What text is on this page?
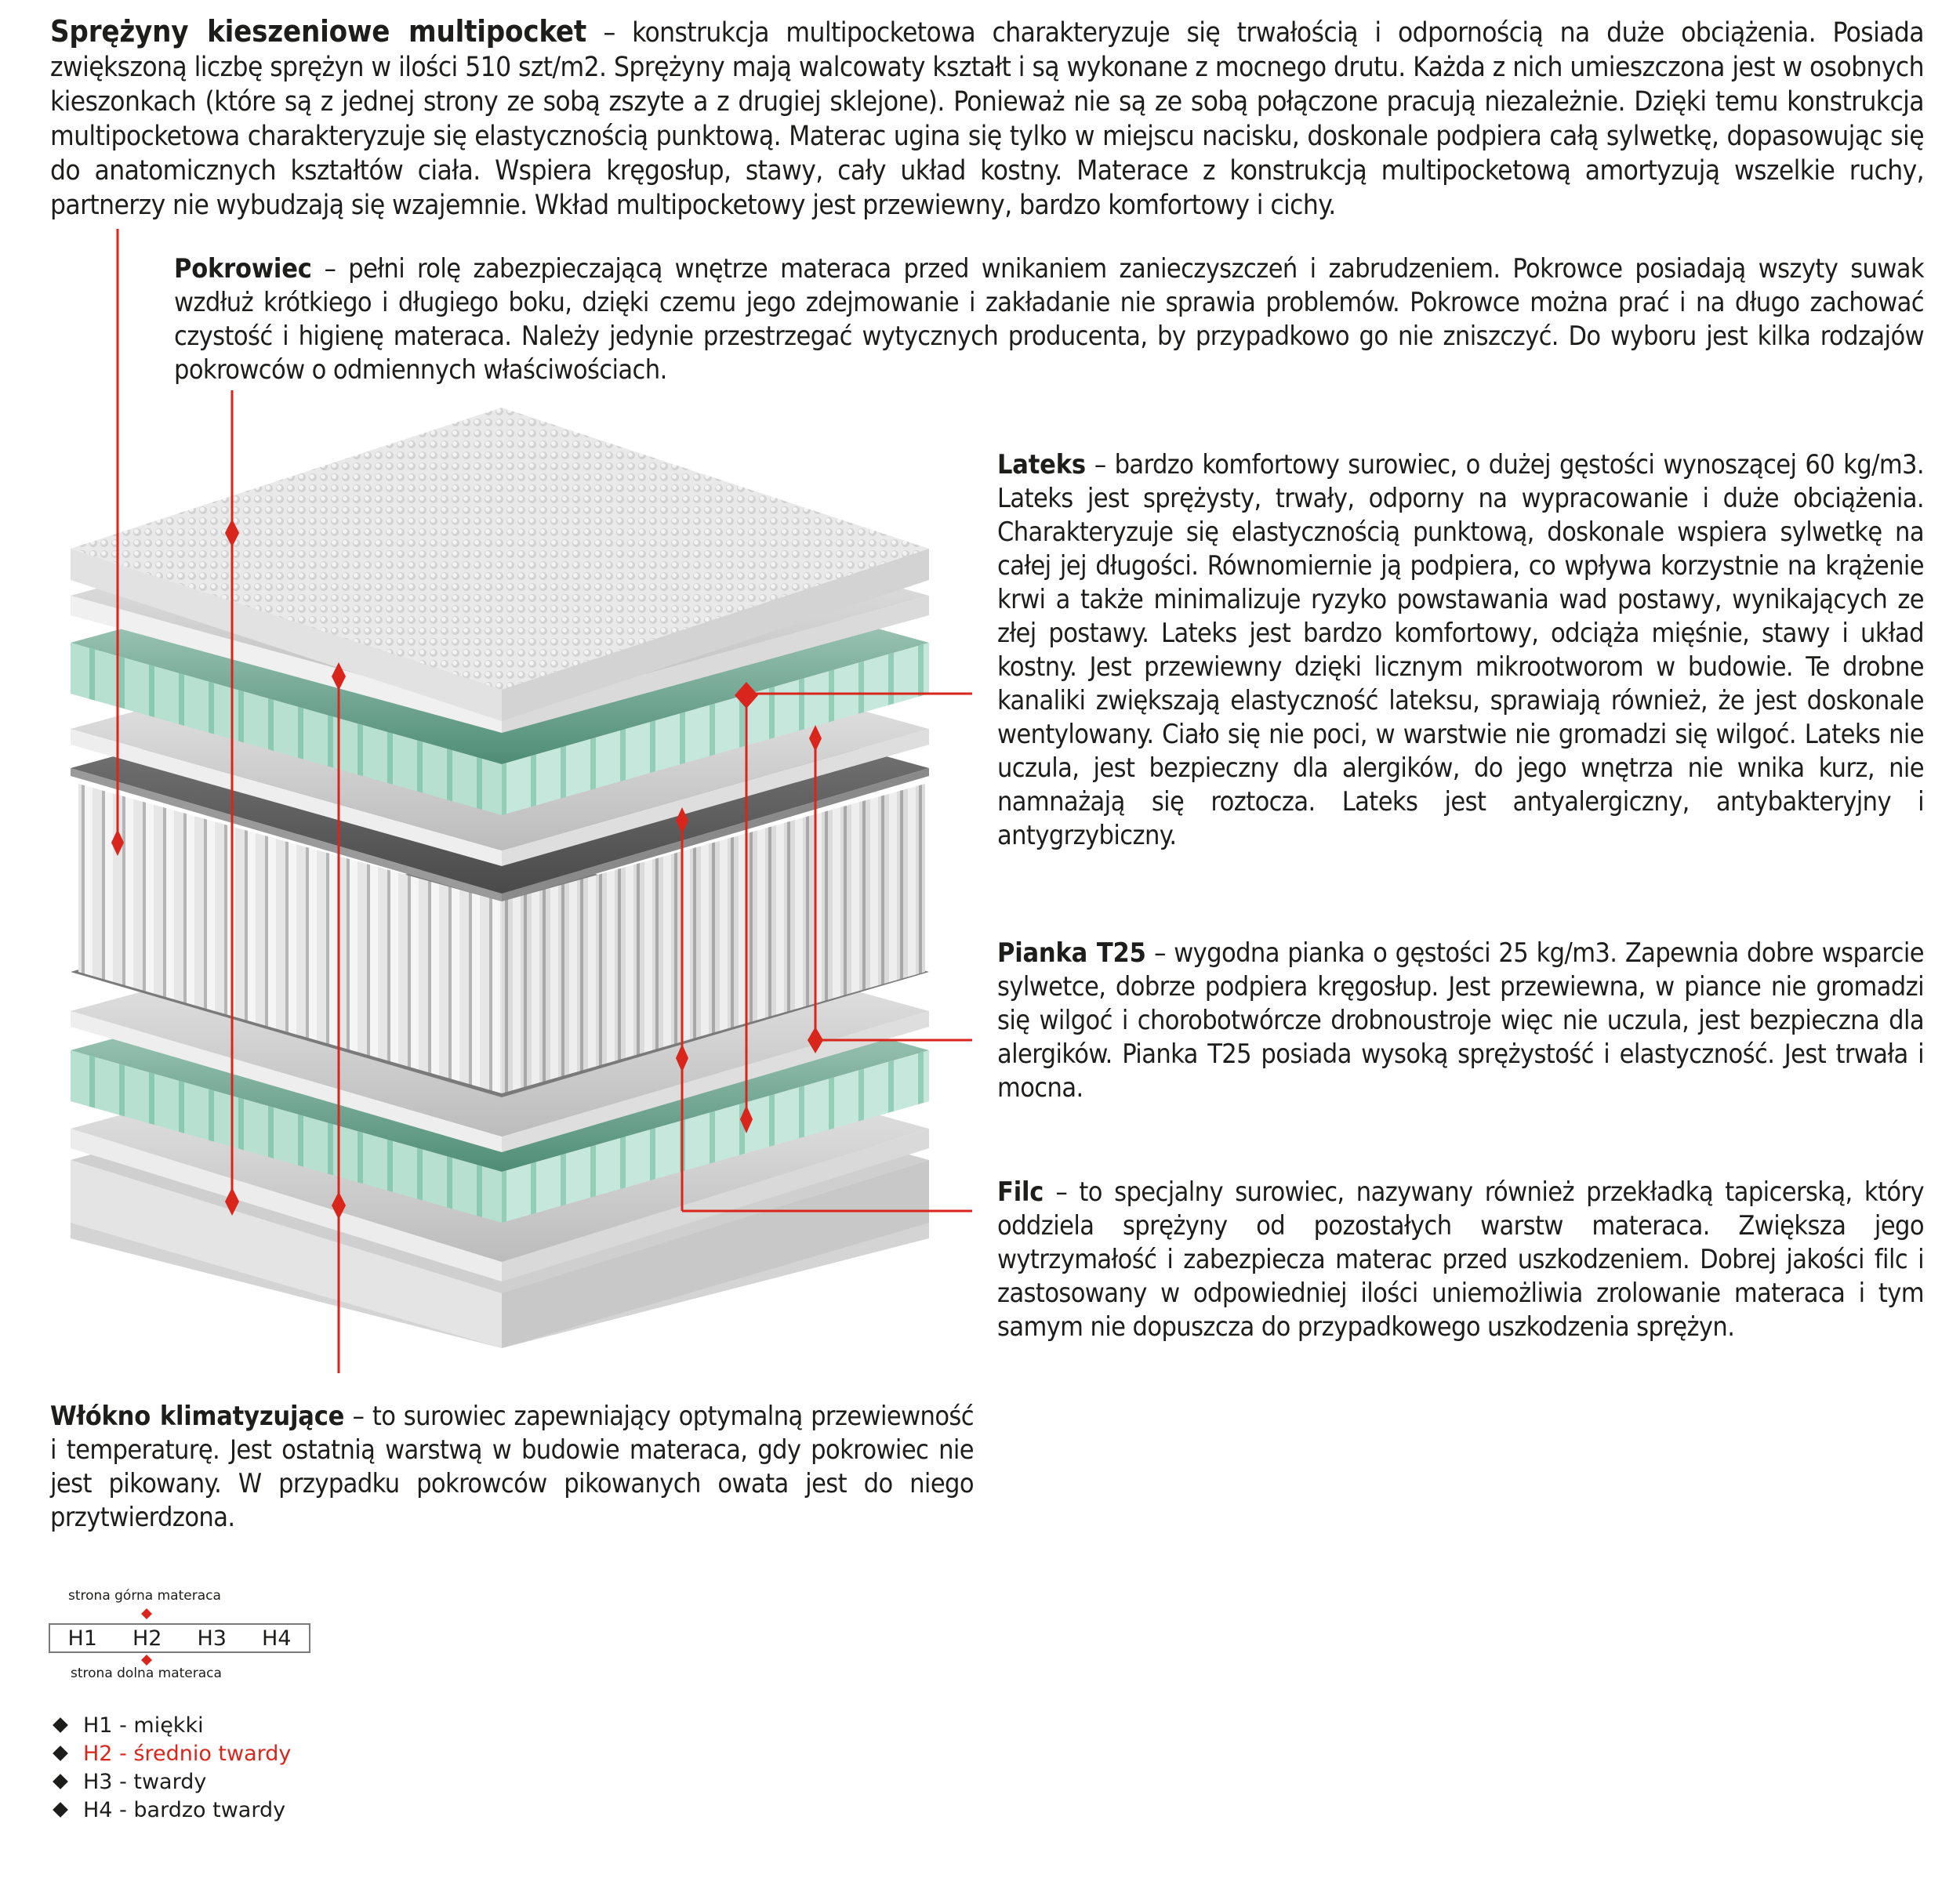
Sprężyny kieszeniowe multipocket – konstrukcja multipocketowa charakteryzuje się trwałością i odpornością na duże obciążenia. Posiada zwiększoną liczbę sprężyn w ilości 510 szt/m2. Sprężyny mają walcowaty kształt i są wykonane z mocnego drutu. Każda z nich umieszczona jest w osobnych kieszonkach (które są z jednej strony ze sobą zszyte a z drugiej sklejone). Ponieważ nie są ze sobą połączone pracują niezależnie. Dzięki temu konstrukcja multipocketowa charakteryzuje się elastycznością punktową. Materac ugina się tylko w miejscu nacisku, doskonale podpiera całą sylwetkę, dopasowując się do anatomicznych kształtów ciała. Wspiera kręgosłup, stawy, cały układ kostny. Materace z konstrukcją multipocketową amortyzują wszelkie ruchy, partnerzy nie wybudzają się wzajemnie. Wkład multipocketowy jest przewiewny, bardzo komfortowy i cichy.
Pokrowiec – pełni rolę zabezpieczającą wnętrze materaca przed wnikaniem zanieczyszczeń i zabrudzeniem. Pokrowce posiadają wszyty suwak wzdłuż krótkiego i długiego boku, dzięki czemu jego zdejmowanie i zakładanie nie sprawia problemów. Pokrowce można prać i na długo zachować czystość i higienę materaca. Należy jedynie przestrzegać wytycznych producenta, by przypadkowo go nie zniszczyć. Do wyboru jest kilka rodzajów pokrowców o odmiennych właściwościach.
Lateks – bardzo komfortowy surowiec, o dużej gęstości wynoszącej 60 kg/m3. Lateks jest sprężysty, trwały, odporny na wypracowanie i duże obciążenia. Charakteryzuje się elastycznością punktową, doskonale wspiera sylwetkę na całej jej długości. Równomiernie ją podpiera, co wpływa korzystnie na krążenie krwi a także minimalizuje ryzyko powstawania wad postawy, wynikających ze złej postawy. Lateks jest bardzo komfortowy, odciąża mięśnie, stawy i układ kostny. Jest przewiewny dzięki licznym mikrootworom w budowie. Te drobne kanaliki zwiększają elastyczność lateksu, sprawiają również, że jest doskonale wentylowany. Ciało się nie poci, w warstwie nie gromadzi się wilgoć. Lateks nie uczula, jest bezpieczny dla alergików, do jego wnętrza nie wnika kurz, nie namnażają się roztocza. Lateks jest antyalergiczny, antybakteryjny i antygrzybiczny.
Pianka T25 – wygodna pianka o gęstości 25 kg/m3. Zapewnia dobre wsparcie sylwetce, dobrze podpiera kręgosłup. Jest przewiewna, w piance nie gromadzi się wilgoć i chorobotwórcze drobnoustroje więc nie uczula, jest bezpieczna dla alergików. Pianka T25 posiada wysoką sprężystość i elastyczność. Jest trwała i mocna.
Filc – to specjalny surowiec, nazywany również przekładką tapicerską, który oddziela sprężyny od pozostałych warstw materaca. Zwiększa jego wytrzymałość i zabezpiecza materac przed uszkodzeniem. Dobrej jakości filc i zastosowany w odpowiedniej ilości uniemożliwia zrolowanie materaca i tym samym nie dopuszcza do przypadkowego uszkodzenia sprężyn.
Włókno klimatyzujące – to surowiec zapewniający optymalną przewiewność i temperaturę. Jest ostatnią warstwą w budowie materaca, gdy pokrowiec nie jest pikowany. W przypadku pokrowców pikowanych owata jest do niego przytwierdzona.
strona górna materaca
H1 H2 H3 H4
strona dolna materaca
H1 - miękki
H2 - średnio twardy
H3 - twardy
H4 - bardzo twardy
